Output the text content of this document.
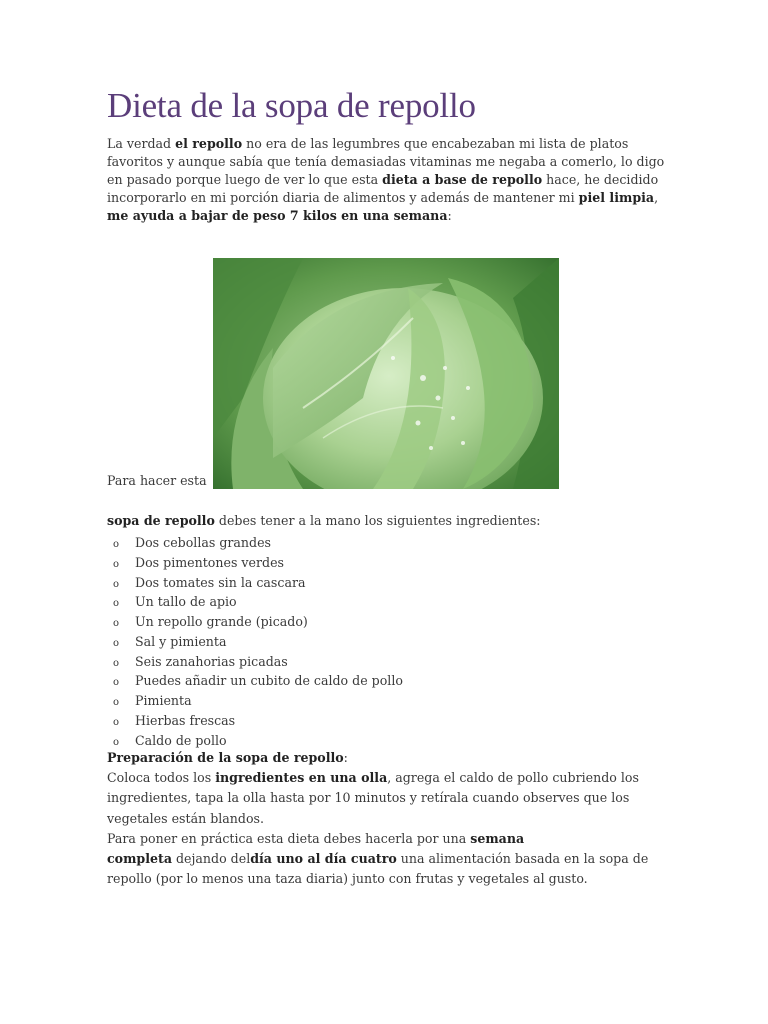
Dieta de la sopa de repollo

La verdad el repollo no era de las legumbres que encabezaban mi lista de platos favoritos y aunque sabía que tenía demasiadas vitaminas me negaba a comerlo, lo digo en pasado porque luego de ver lo que esta dieta a base de repollo hace, he decidido incorporarlo en mi porción diaria de alimentos y además de mantener mi piel limpia, me ayuda a bajar de peso 7 kilos en una semana:

Para hacer esta

sopa de repollo debes tener a la mano los siguientes ingredientes:

o Dos cebollas grandes
o Dos pimentones verdes
o Dos tomates sin la cascara
o Un tallo de apio
o Un repollo grande (picado)
o Sal y pimienta
o Seis zanahorias picadas
o Puedes añadir un cubito de caldo de pollo
o Pimienta
o Hierbas frescas
o Caldo de pollo
Preparación de la sopa de repollo:
Coloca todos los ingredientes en una olla, agrega el caldo de pollo cubriendo los ingredientes, tapa la olla hasta por 10 minutos y retírala cuando observes que los vegetales están blandos.
Para poner en práctica esta dieta debes hacerla por una semana
completa dejando deldía uno al día cuatro una alimentación basada en la sopa de repollo (por lo menos una taza diaria) junto con frutas y vegetales al gusto.
